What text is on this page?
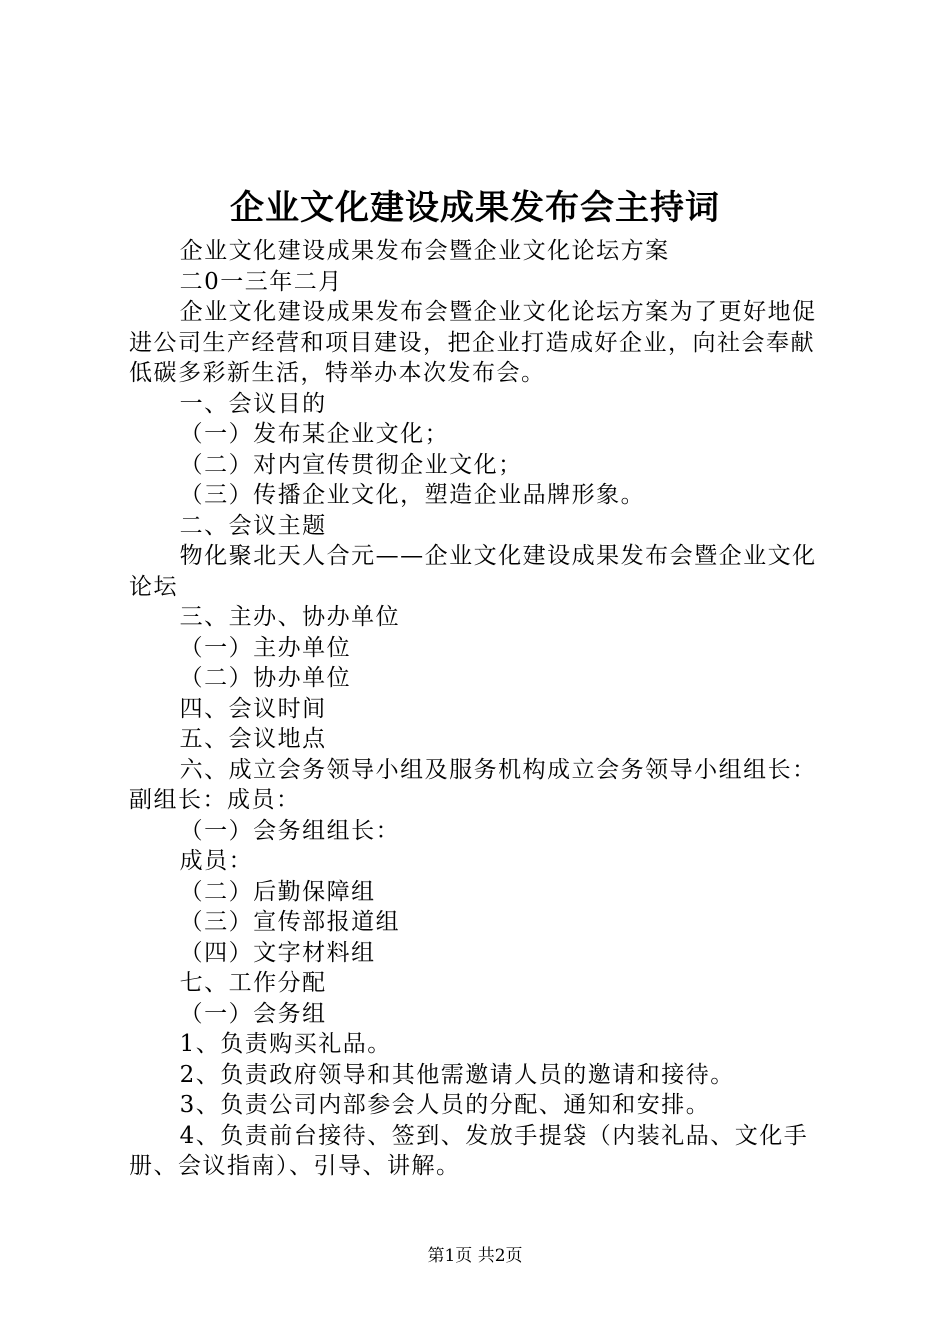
企业文化建设成果发布会主持词

企业文化建设成果发布会暨企业文化论坛方案

二0一三年二月

企业文化建设成果发布会暨企业文化论坛方案为了更好地促进公司生产经营和项目建设，把企业打造成好企业，向社会奉献低碳多彩新生活，特举办本次发布会。

一、会议目的

（一）发布某企业文化；

（二）对内宣传贯彻企业文化；

（三）传播企业文化，塑造企业品牌形象。

二、会议主题

物化聚北天人合元——企业文化建设成果发布会暨企业文化论坛

三、主办、协办单位

（一）主办单位

（二）协办单位

四、会议时间

五、会议地点

六、成立会务领导小组及服务机构成立会务领导小组组长：副组长：成员：

（一）会务组组长：

成员：

（二）后勤保障组

（三）宣传部报道组

（四）文字材料组

七、工作分配

（一）会务组

1、负责购买礼品。

2、负责政府领导和其他需邀请人员的邀请和接待。

3、负责公司内部参会人员的分配、通知和安排。

4、负责前台接待、签到、发放手提袋（内装礼品、文化手册、会议指南）、引导、讲解。

第1页 共2页
